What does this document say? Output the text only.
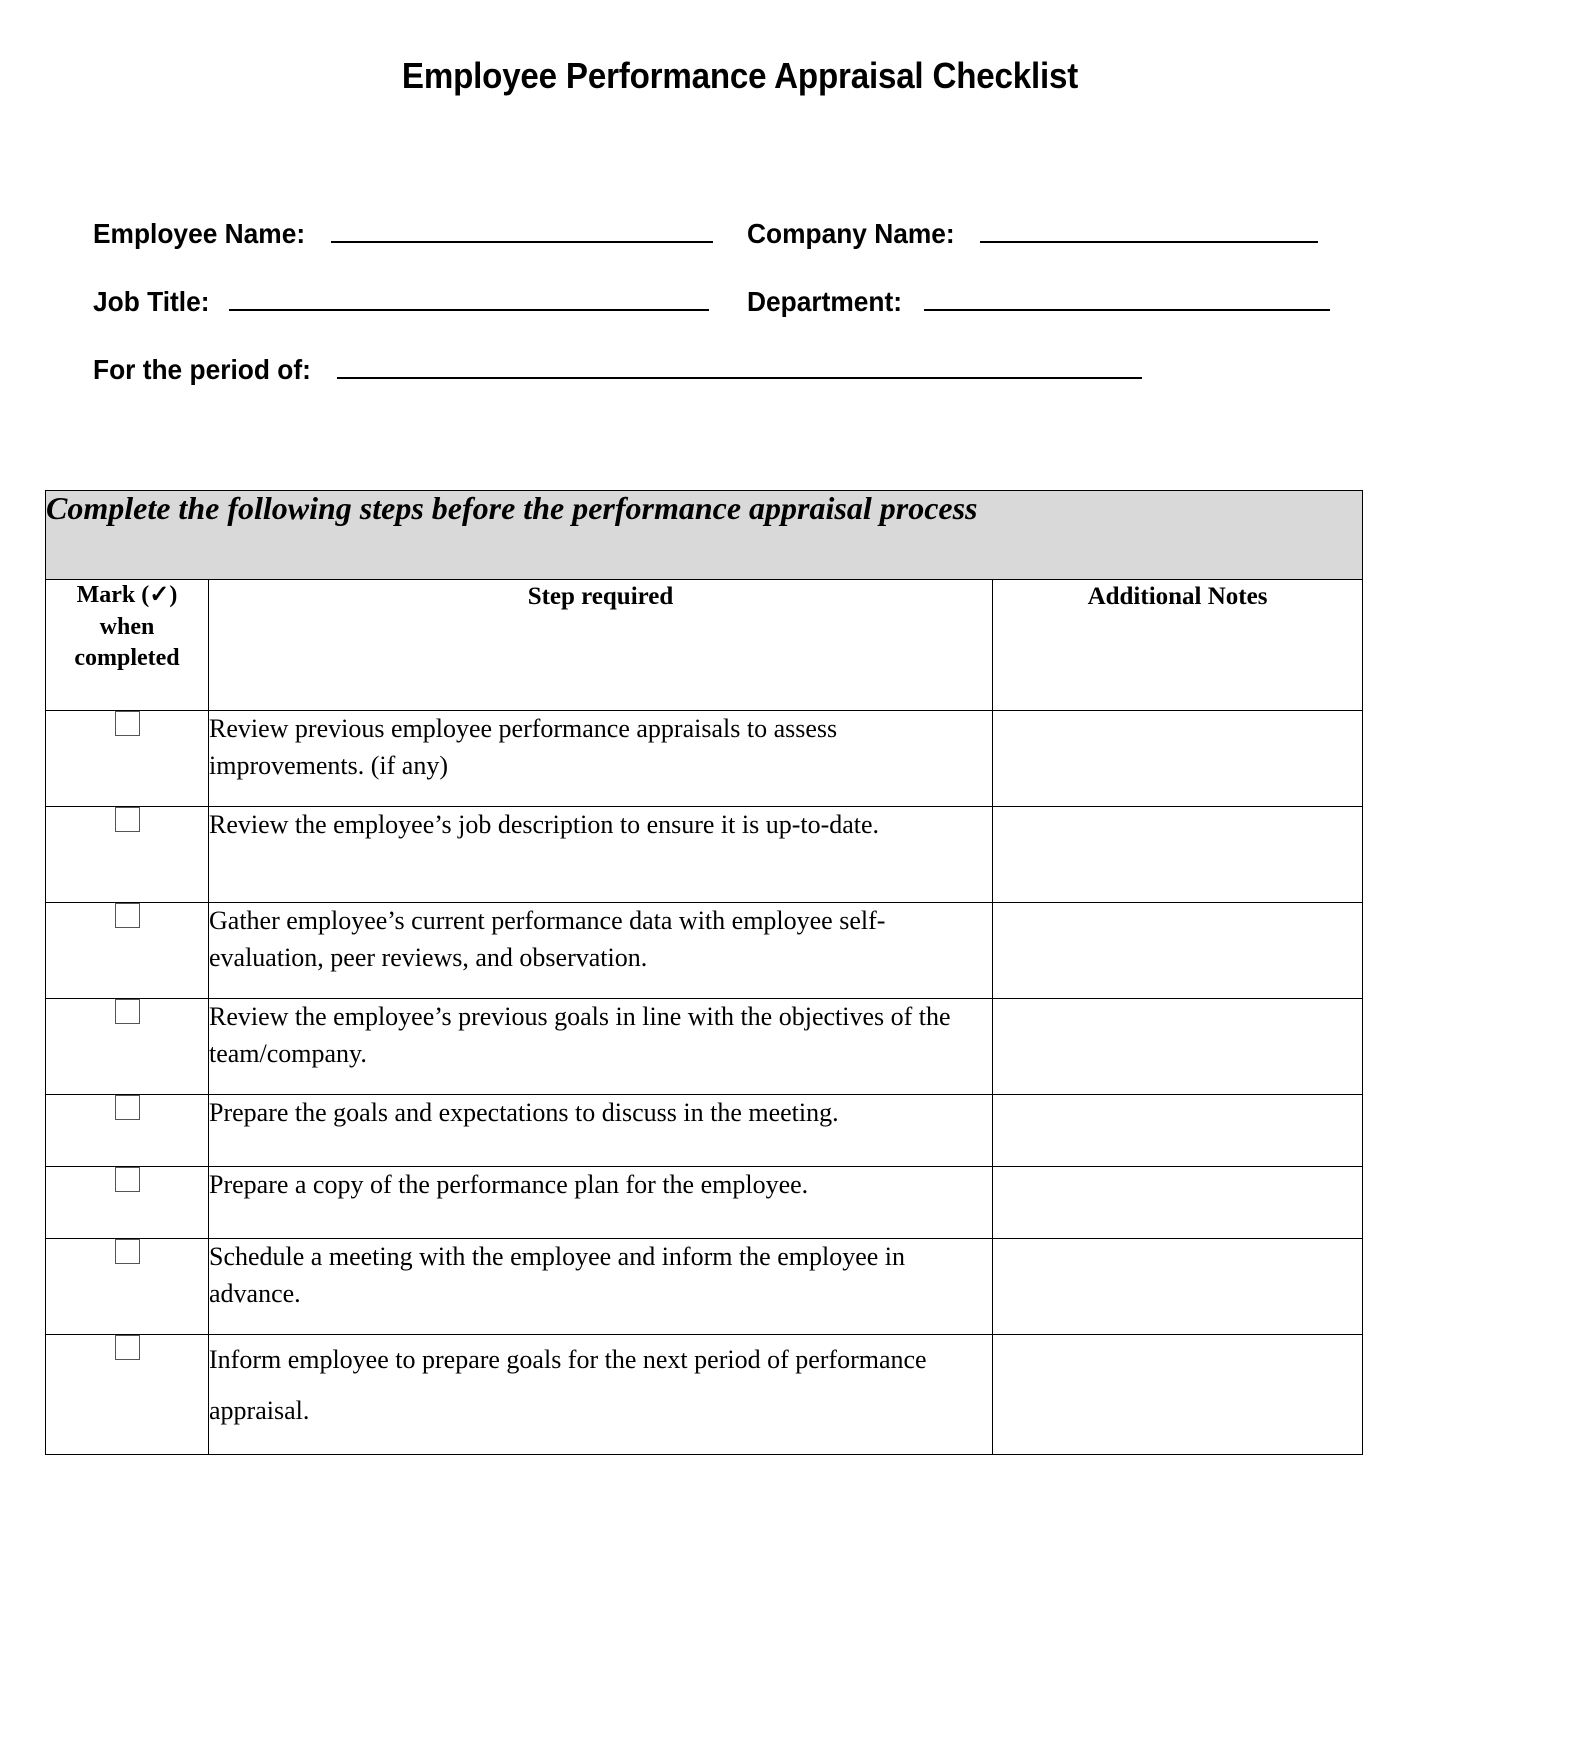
Employee Performance Appraisal Checklist
Employee Name:	Company Name:
Job Title:	Department:
For the period of:
Complete the following steps before the performance appraisal process		

Mark (✓)
when
completed	Step required	Additional Notes
	Review previous employee performance appraisals to assess improvements. (if any)	
	Review the employee’s job description to ensure it is up-to-date.	
	Gather employee’s current performance data with employee self-evaluation, peer reviews, and observation.	
	Review the employee’s previous goals in line with the objectives of the team/company.	
	Prepare the goals and expectations to discuss in the meeting.	
	Prepare a copy of the performance plan for the employee.	
	Schedule a meeting with the employee and inform the employee in advance.	
	Inform employee to prepare goals for the next period of performance appraisal.	
